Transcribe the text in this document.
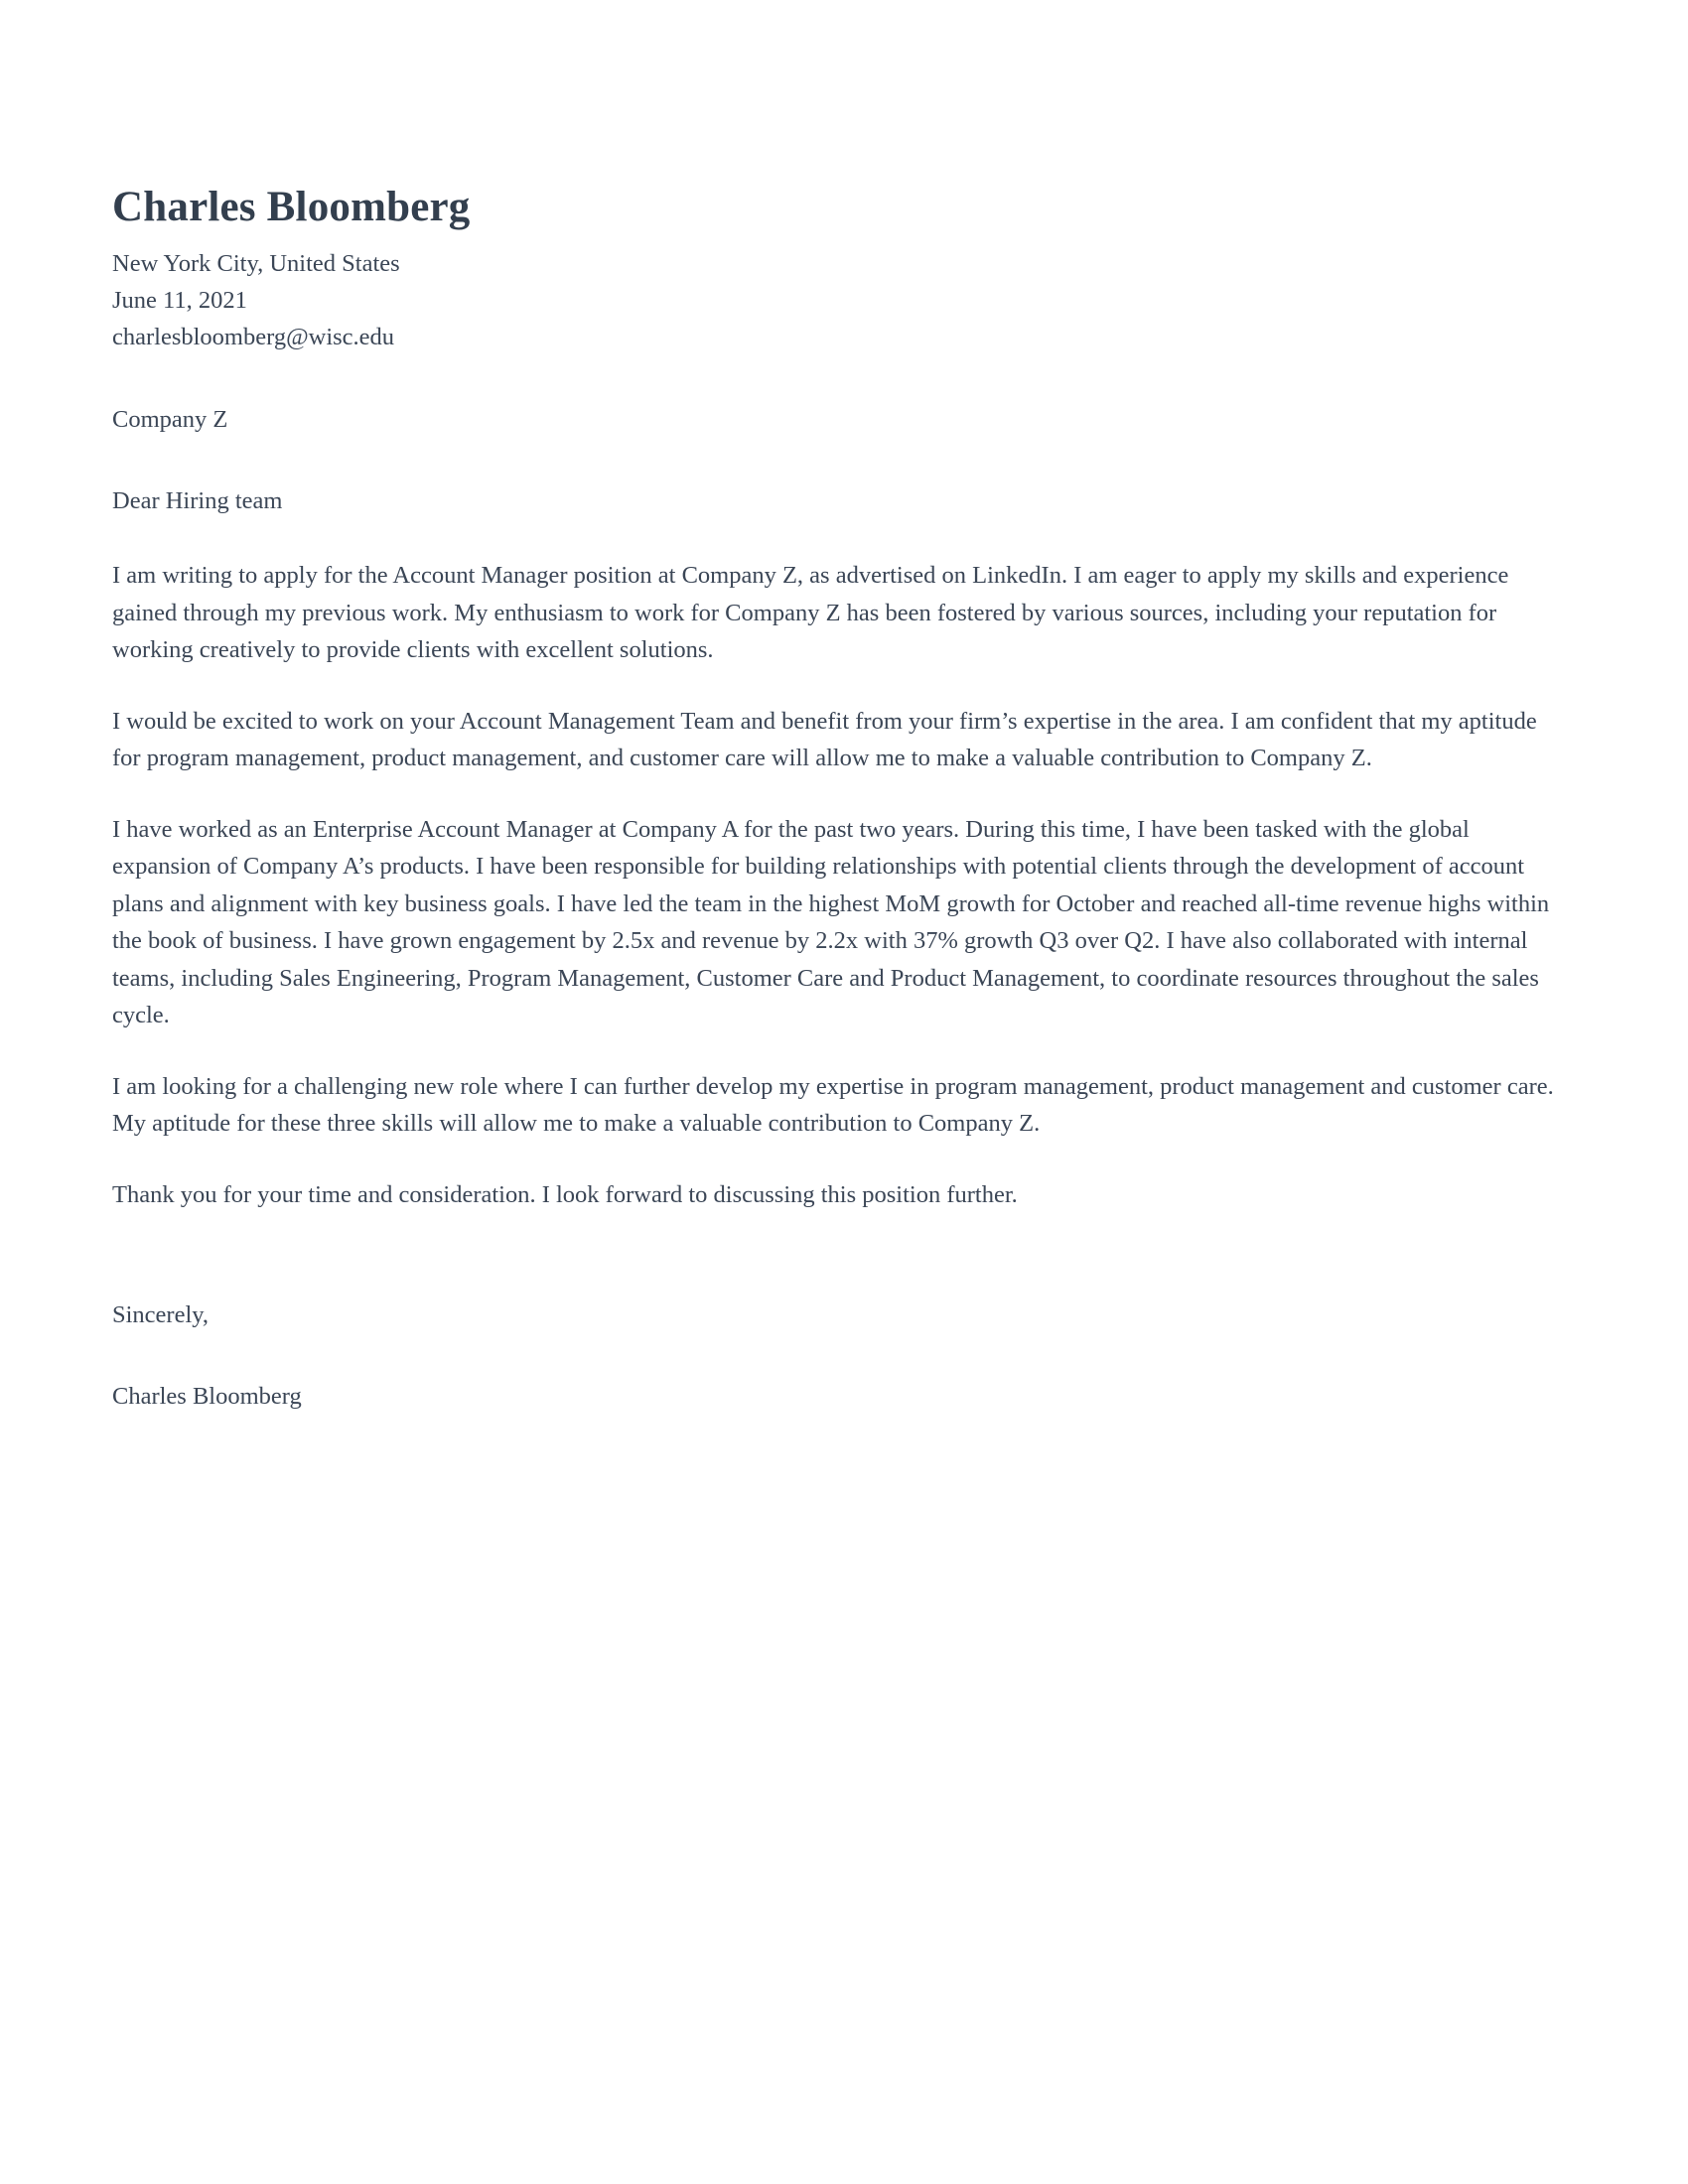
Charles Bloomberg
New York City, United States
June 11, 2021
charlesbloomberg@wisc.edu

Company Z

Dear Hiring team

I am writing to apply for the Account Manager position at Company Z, as advertised on LinkedIn. I am eager to apply my skills and experience gained through my previous work. My enthusiasm to work for Company Z has been fostered by various sources, including your reputation for working creatively to provide clients with excellent solutions.

I would be excited to work on your Account Management Team and benefit from your firm’s expertise in the area. I am confident that my aptitude for program management, product management, and customer care will allow me to make a valuable contribution to Company Z.

I have worked as an Enterprise Account Manager at Company A for the past two years. During this time, I have been tasked with the global expansion of Company A’s products. I have been responsible for building relationships with potential clients through the development of account plans and alignment with key business goals. I have led the team in the highest MoM growth for October and reached all-time revenue highs within the book of business. I have grown engagement by 2.5x and revenue by 2.2x with 37% growth Q3 over Q2. I have also collaborated with internal teams, including Sales Engineering, Program Management, Customer Care and Product Management, to coordinate resources throughout the sales cycle.

I am looking for a challenging new role where I can further develop my expertise in program management, product management and customer care. My aptitude for these three skills will allow me to make a valuable contribution to Company Z.

Thank you for your time and consideration. I look forward to discussing this position further.

Sincerely,

Charles Bloomberg
